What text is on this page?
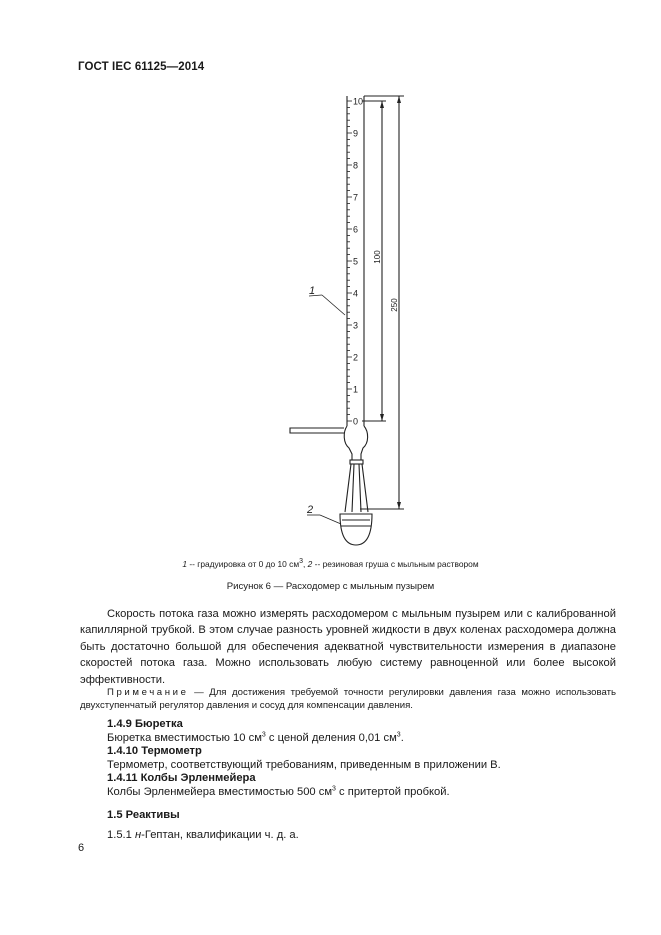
ГОСТ IEC 61125—2014
10
9
8
7
6
5
4
3
2
1
0
100
250
1
2
1 -- градуировка от 0 до 10 $см^3$, 2 -- резиновая груша с мыльным раствором
Рисунок 6 — Расходомер с мыльным пузырем
Скорость потока газа можно измерять расходомером с мыльным пузырем или с калиброванной капиллярной трубкой. В этом случае разность уровней жидкости в двух коленах расходомера должна быть достаточно большой для обеспечения адекватной чувствительности измерения в диапазоне скоростей потока газа. Можно использовать любую систему равноценной или более высокой эффективности.
Примечание — Для достижения требуемой точности регулировки давления газа можно использовать двухступенчатый регулятор давления и сосуд для компенсации давления.
1.4.9 Бюретка
Бюретка вместимостью 10 $см^3$ с ценой деления 0,01 $см^3$.
1.4.10 Термометр
Термометр, соответствующий требованиям, приведенным в приложении В.
1.4.11 Колбы Эрленмейера
Колбы Эрленмейера вместимостью 500 $см^3$ с притертой пробкой.
1.5 Реактивы
1.5.1 н-Гептан, квалификации ч. д. а.
6
